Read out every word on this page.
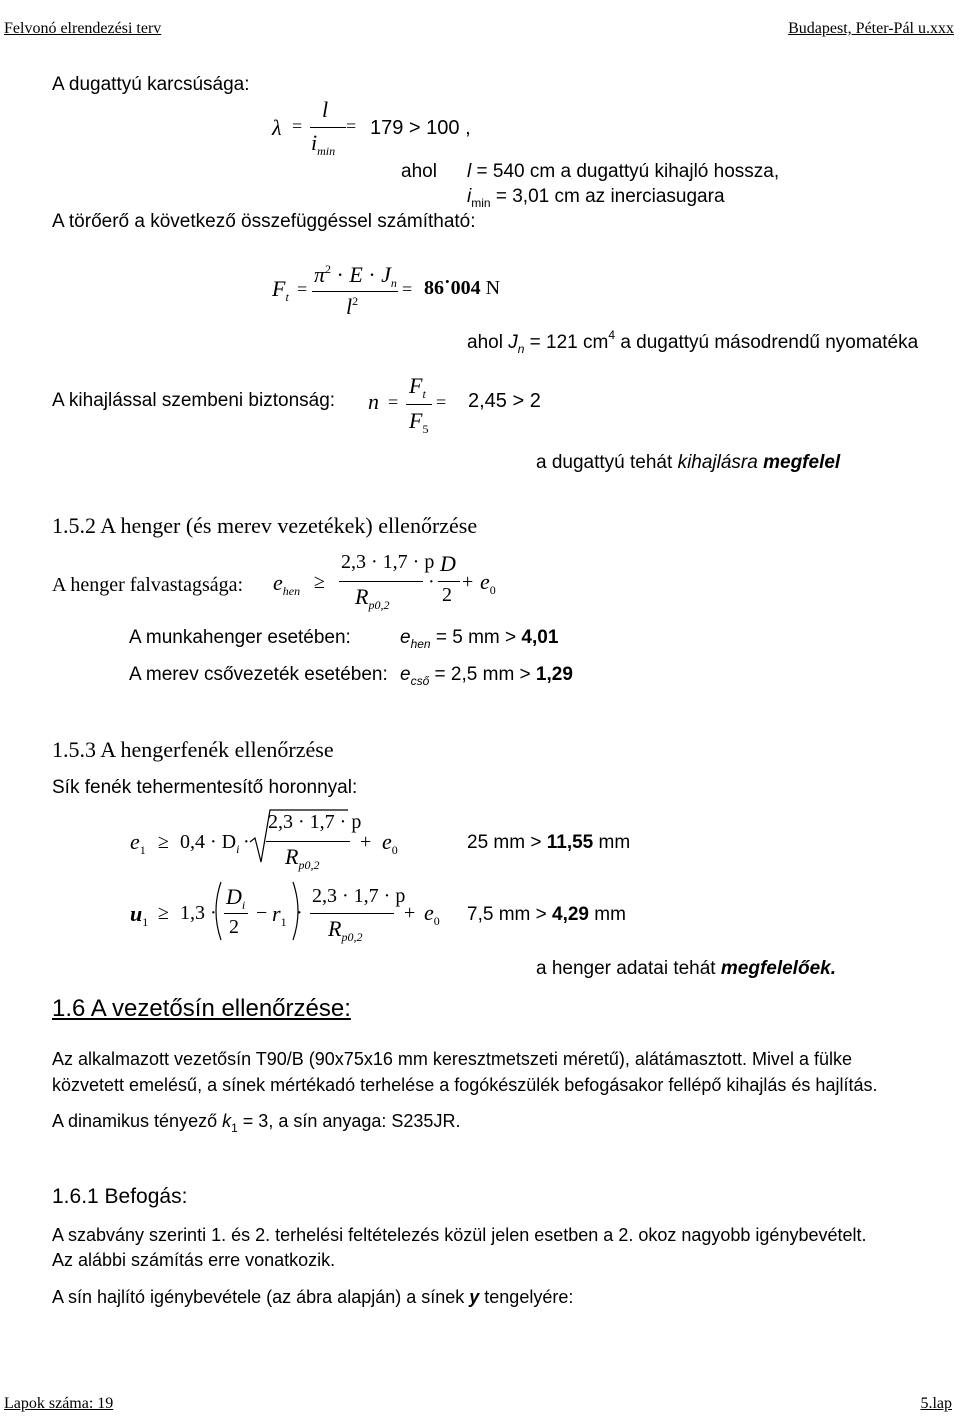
Felvonó elrendezési terv	Budapest, Péter-Pál u.xxx
A dugattyú karcsúsága:
λ =
l
$i_{min}$
= 179 > 100 ,
ahol l = 540 cm a dugattyú kihajló hossza,
$i_{min} = 3,01$ cm az inerciasugara
A törőerő a következő összefüggéssel számítható:
$F_t$ =
$\pi^2 \cdot E \cdot J_n$
$l^2$
= 86˙004 N
ahol $J_n = 121$ $cm^4$ a dugattyú másodrendű nyomatéka
A kihajlással szembeni biztonság: n =
$F_t$
$F_5$
= 2,45 > 2
a dugattyú tehát kihajlásra megfelel
1.5.2 A henger (és merev vezetékek) ellenőrzése
A henger falvastagsága: $e_{hen}$ ≥
2,3 · 1,7 · p
$R_{p0,2}$
·
D
2
+ $e_0$
A munkahenger esetében:	$e_{hen} = 5$ mm > 4,01
A merev csővezeték esetében: $e_{cső} = 2,5$ mm > 1,29
1.5.3 A hengerfenék ellenőrzése
Sík fenék tehermentesítő horonnyal:
$e_1 \ge 0,4 \cdot D_i$ ·
2,3 · 1,7 · p
$R_{p0,2}$
+ $e_0$	25 mm > 11,55 mm
$u_1 \ge 1,3$ ·
$D_i$
2
− $r_1$ ·
2,3 · 1,7 · p
$R_{p0,2}$
+ $e_0$ 7,5 mm > 4,29 mm
a henger adatai tehát megfelelőek.
1.6 A vezetősín ellenőrzése:
Az alkalmazott vezetősín T90/B (90x75x16 mm keresztmetszeti méretű), alátámasztott. Mivel a fülke
közvetett emelésű, a sínek mértékadó terhelése a fogókészülék befogásakor fellépő kihajlás és hajlítás.
A dinamikus tényező $k_1 = 3$, a sín anyaga: S235JR.
1.6.1 Befogás:
A szabvány szerinti 1. és 2. terhelési feltételezés közül jelen esetben a 2. okoz nagyobb igénybevételt.
Az alábbi számítás erre vonatkozik.
A sín hajlító igénybevétele (az ábra alapján) a sínek y tengelyére:
Lapok száma: 19	5.lap
